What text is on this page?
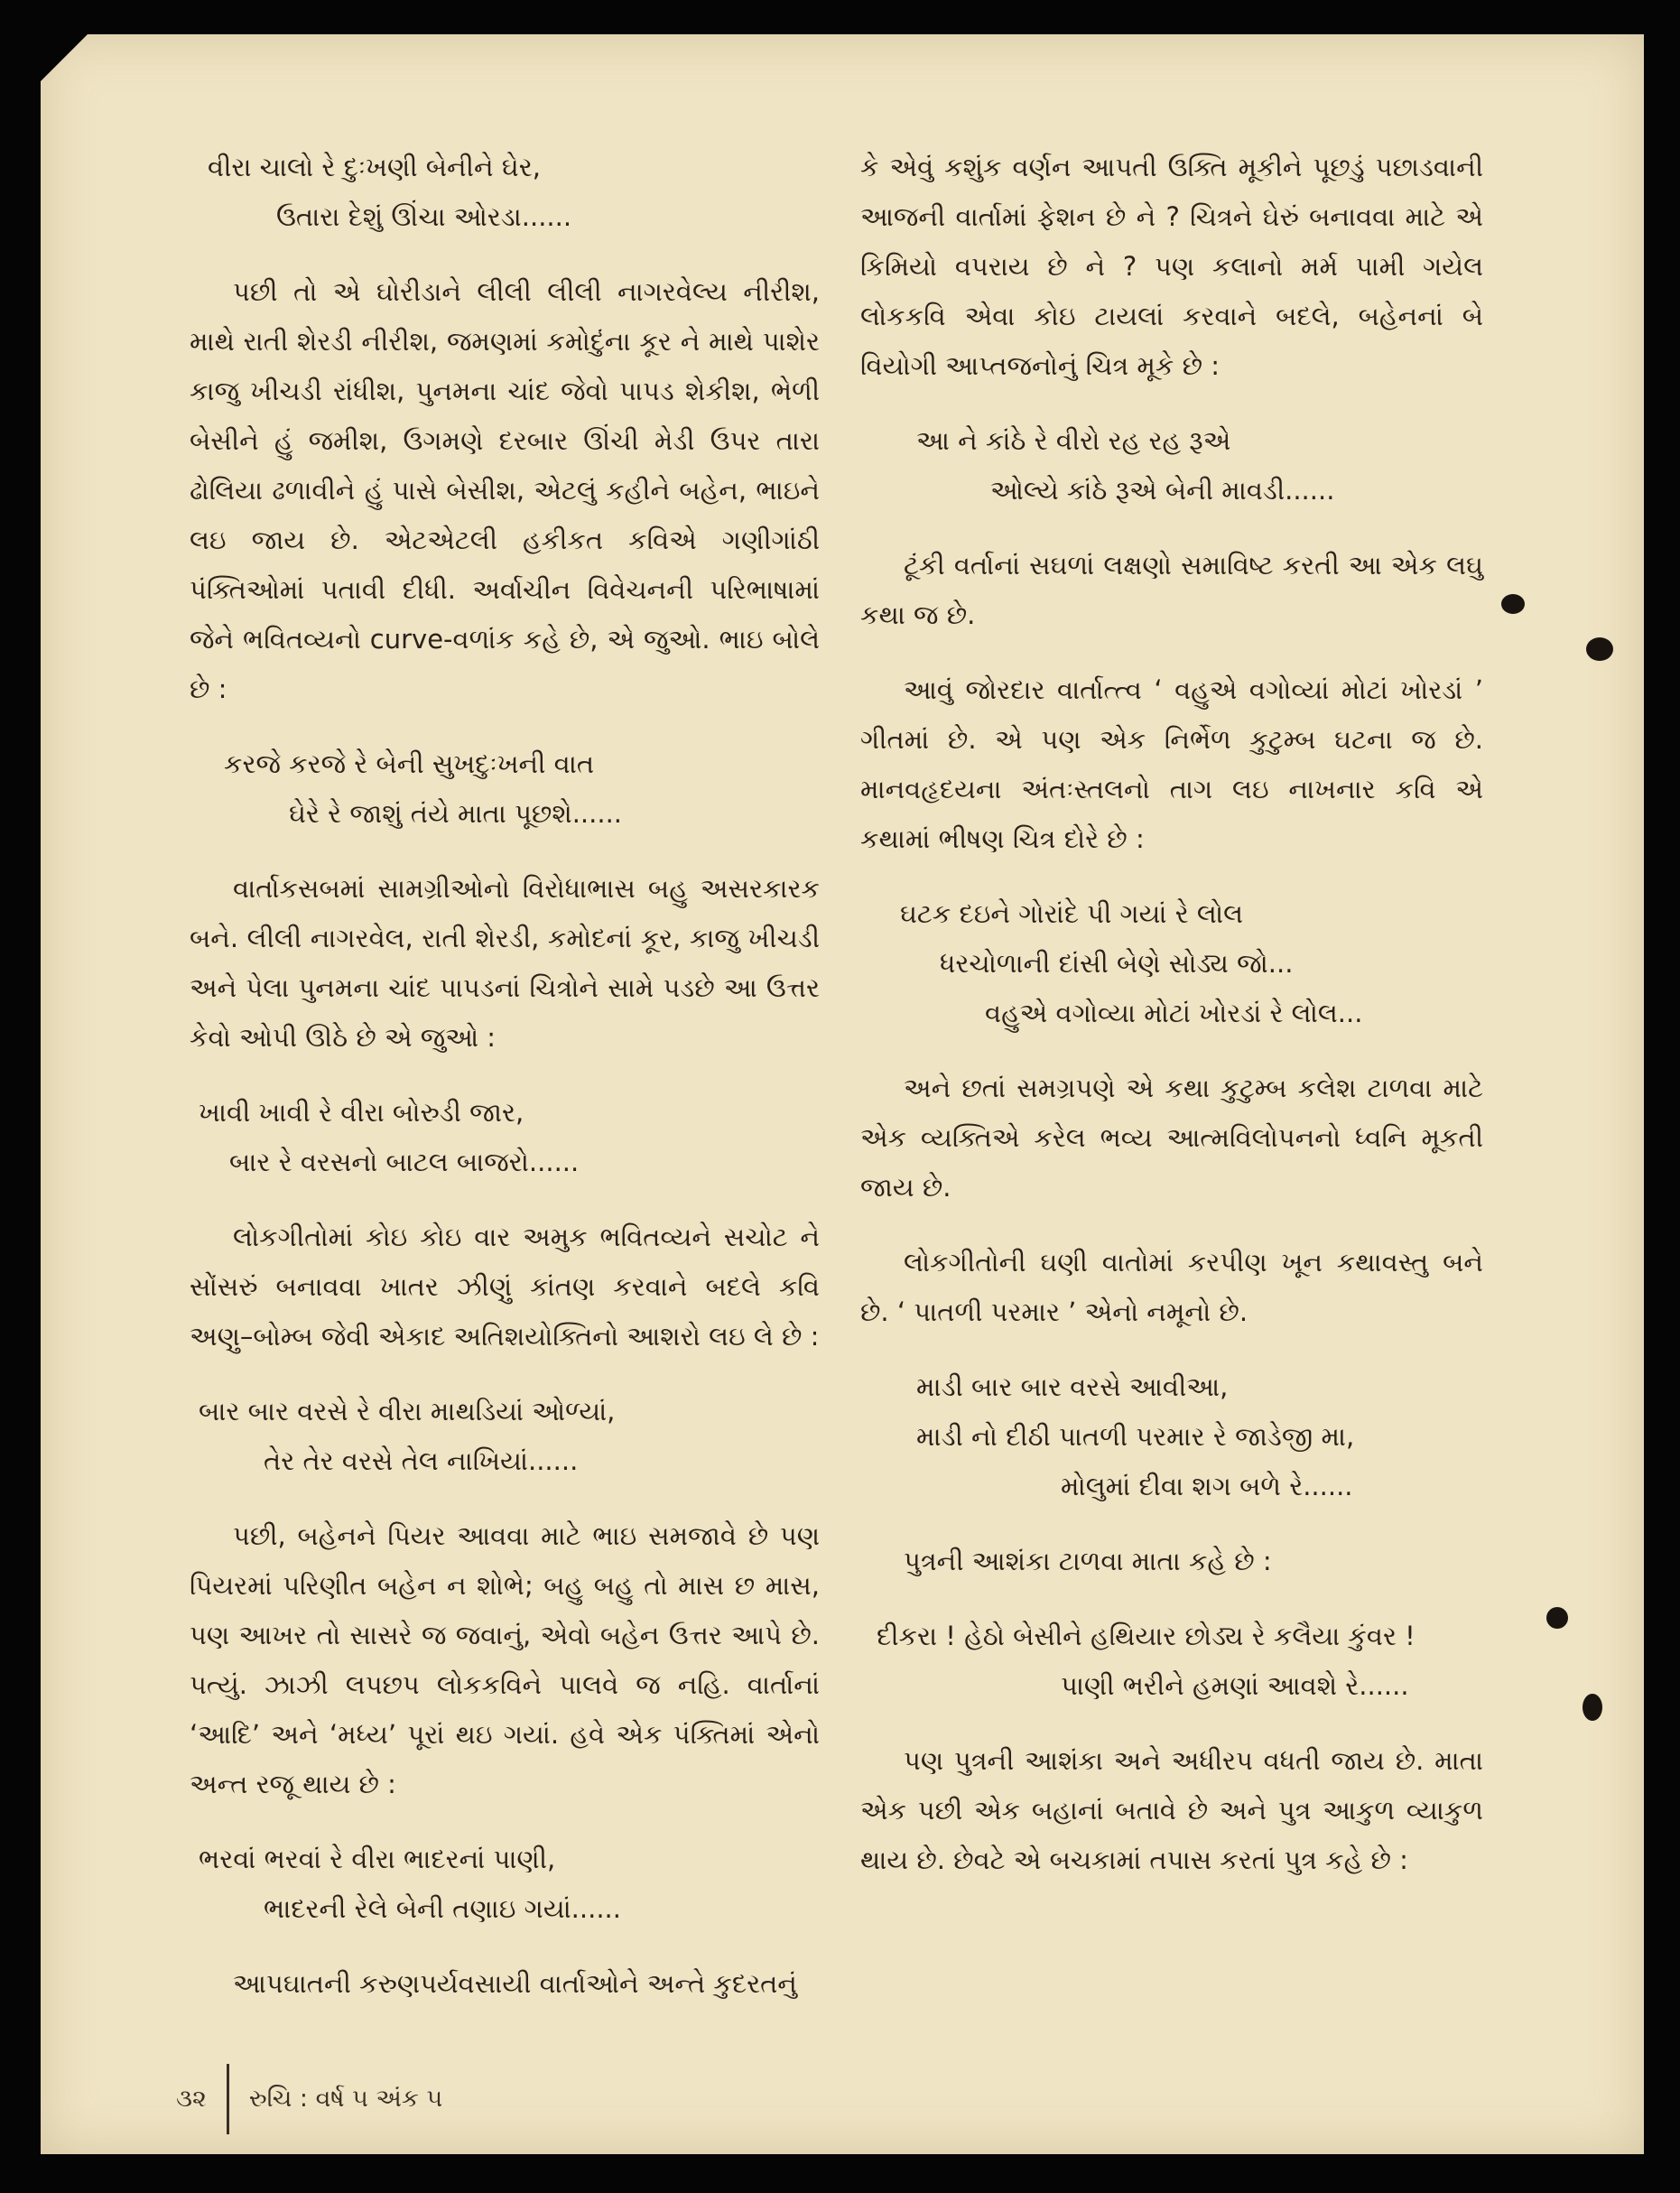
વીરા ચાલો રે દુઃખણી બેનીને ઘેર,
ઉતારા દેશું ઊંચા ઓરડા......

પછી તો એ ઘોરીડાને લીલી લીલી નાગરવેલ્ય નીરીશ, માથે રાતી શેરડી નીરીશ, જમણમાં કમોદુંના કૂર ને માથે પાશેર કાજુ ખીચડી રાંધીશ, પુનમના ચાંદ જેવો પાપડ શેકીશ, ભેળી બેસીને હું જમીશ, ઉગમણે દરબાર ઊંચી મેડી ઉપર તારા ઢોલિયા ઢળાવીને હું પાસે બેસીશ, એટલું કહીને બહેન, ભાઇને લઇ જાય છે. એટએટલી હકીકત કવિએ ગણીગાંઠી પંક્તિઓમાં પતાવી દીધી. અર્વાચીન વિવેચનની પરિભાષામાં જેને ભવિતવ્યનો curve-વળાંક કહે છે, એ જુઓ. ભાઇ બોલે છે :

કરજે કરજે રે બેની સુખદુઃખની વાત
ઘેરે રે જાશું તંયે માતા પૂછશે......

વાર્તાકસબમાં સામગ્રીઓનો વિરોધાભાસ બહુ અસરકારક બને. લીલી નાગરવેલ, રાતી શેરડી, કમોદનાં કૂર, કાજુ ખીચડી અને પેલા પુનમના ચાંદ પાપડનાં ચિત્રોને સામે પડછે આ ઉત્તર કેવો ઓપી ઊઠે છે એ જુઓ :

ખાવી ખાવી રે વીરા બોરુડી જાર,
બાર રે વરસનો બાટલ બાજરો......

લોકગીતોમાં કોઇ કોઇ વાર અમુક ભવિતવ્યને સચોટ ને સોંસરું બનાવવા ખાતર ઝીણું કાંતણ કરવાને બદલે કવિ અણુ–બોમ્બ જેવી એકાદ અતિશયોક્તિનો આશરો લઇ લે છે :

બાર બાર વરસે રે વીરા માથડિયાં ઓળ્યાં,
તેર તેર વરસે તેલ નાખિયાં......

પછી, બહેનને પિયર આવવા માટે ભાઇ સમજાવે છે પણ પિયરમાં પરિણીત બહેન ન શોભે; બહુ બહુ તો માસ છ માસ, પણ આખર તો સાસરે જ જવાનું, એવો બહેન ઉત્તર આપે છે. પત્યું. ઝાઝી લપછપ લોકકવિને પાલવે જ નહિ. વાર્તાનાં ‘આદિ’ અને ‘મધ્ય’ પૂરાં થઇ ગયાં. હવે એક પંક્તિમાં એનો અન્ત રજૂ થાય છે :

ભરવાં ભરવાં રે વીરા ભાદરનાં પાણી,
ભાદરની રેલે બેની તણાઇ ગયાં......

આપઘાતની કરુણપર્યવસાયી વાર્તાઓને અન્તે કુદરતનું

કે એવું કશુંક વર્ણન આપતી ઉક્તિ મૂકીને પૂછડું પછાડવાની આજની વાર્તામાં ફેશન છે ને ? ચિત્રને ઘેરું બનાવવા માટે એ કિમિયો વપરાય છે ને ? પણ કલાનો મર્મ પામી ગયેલ લોકકવિ એવા કોઇ ટાયલાં કરવાને બદલે, બહેનનાં બે વિયોગી આપ્તજનોનું ચિત્ર મૂકે છે :

આ ને કાંઠે રે વીરો રહ રહ રૂએ
ઓલ્યે કાંઠે રૂએ બેની માવડી......

ટૂંકી વર્તાનાં સઘળાં લક્ષણો સમાવિષ્ટ કરતી આ એક લઘુ કથા જ છે.

આવું જોરદાર વાર્તાત્ત્વ ‘ વહુએ વગોવ્યાં મોટાં ખોરડાં ’ ગીતમાં છે. એ પણ એક નિર્ભેળ કુટુમ્બ ઘટના જ છે. માનવહૃદયના અંતઃસ્તલનો તાગ લઇ નાખનાર કવિ એ કથામાં ભીષણ ચિત્ર દોરે છે :

ઘટક દઇને ગોરાંદે પી ગયાં રે લોલ
ધરચોળાની દાંસી બેણે સોડ્ય જો...
વહુએ વગોવ્યા મોટાં ખોરડાં રે લોલ...

અને છતાં સમગ્રપણે એ કથા કુટુમ્બ કલેશ ટાળવા માટે એક વ્યક્તિએ કરેલ ભવ્ય આત્મવિલોપનનો ધ્વનિ મૂકતી જાય છે.

લોકગીતોની ઘણી વાતોમાં કરપીણ ખૂન કથાવસ્તુ બને છે. ‘ પાતળી પરમાર ’ એનો નમૂનો છે.

માડી બાર બાર વરસે આવીઆ,
માડી નો દીઠી પાતળી પરમાર રે જાડેજી મા,
મોલુમાં દીવા શગ બળે રે......

પુત્રની આશંકા ટાળવા માતા કહે છે :

દીકરા ! હેઠો બેસીને હથિયાર છોડ્ય રે કલૈયા કુંવર !
પાણી ભરીને હમણાં આવશે રે......

પણ પુત્રની આશંકા અને અધીરપ વધતી જાય છે. માતા એક પછી એક બહાનાં બતાવે છે અને પુત્ર આકુળ વ્યાકુળ થાય છે. છેવટે એ બચકામાં તપાસ કરતાં પુત્ર કહે છે :

૩૨ રુચિ : વર્ષ ૫ અંક ૫
